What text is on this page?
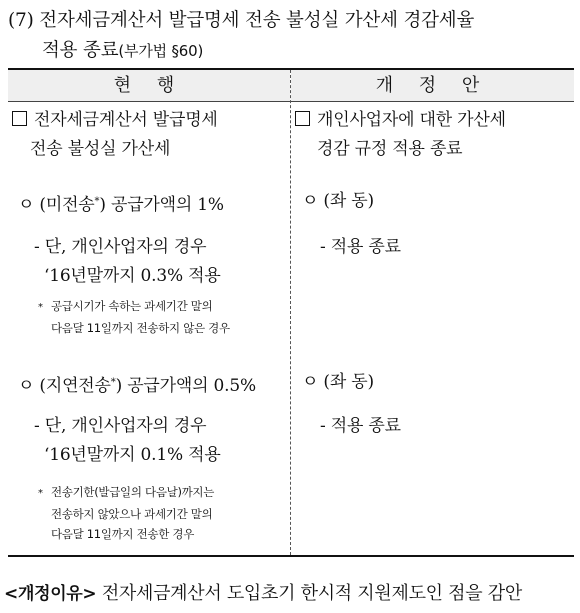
(7) 전자세금계산서 발급명세 전송 불성실 가산세 경감세율
적용 종료(부가법 §60)
현 행	개 정 안
전자세금계산서 발급명세
전송 불성실 가산세
ㅇ (미전송*) 공급가액의 1%
- 단, 개인사업자의 경우
‘16년말까지 0.3% 적용
* 공급시기가 속하는 과세기간 말의
다음달 11일까지 전송하지 않은 경우
ㅇ (지연전송*) 공급가액의 0.5%
- 단, 개인사업자의 경우
‘16년말까지 0.1% 적용
* 전송기한(발급일의 다음날)까지는
전송하지 않았으나 과세기간 말의
다음달 11일까지 전송한 경우
개인사업자에 대한 가산세
경감 규정 적용 종료
ㅇ (좌 동)
- 적용 종료
ㅇ (좌 동)
- 적용 종료
<개정이유> 전자세금계산서 도입초기 한시적 지원제도인 점을 감안
